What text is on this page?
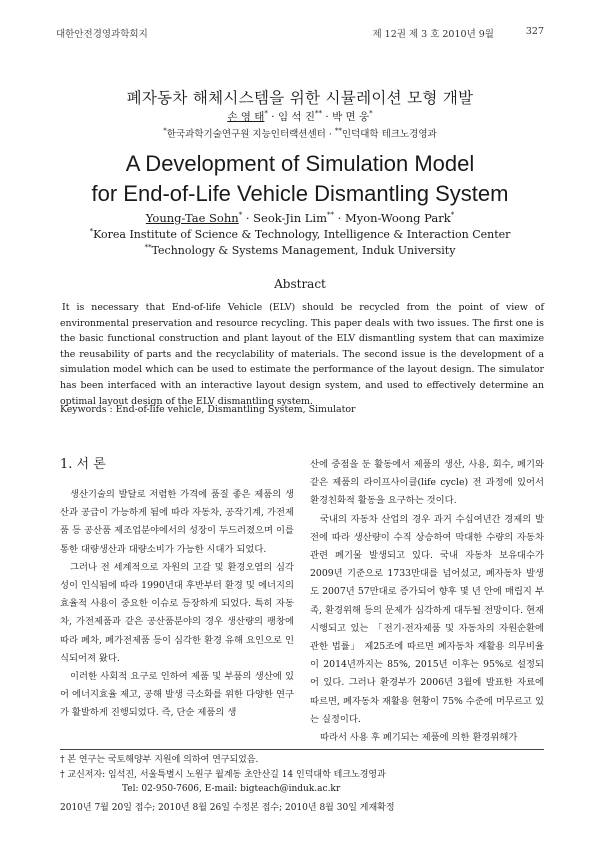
대한안전경영과학회지	제 12권 제 3 호 2010년 9월	327
폐자동차 해체시스템을 위한 시뮬레이션 모형 개발
손 영 태* · 임 석 진** · 박 면 웅*
*한국과학기술연구원 지능인터랙션센터 · **인덕대학 테크노경영과
A Development of Simulation Model
for End-of-Life Vehicle Dismantling System
Young-Tae Sohn* · Seok-Jin Lim** · Myon-Woong Park*
*Korea Institute of Science & Technology, Intelligence & Interaction Center
**Technology & Systems Management, Induk University
Abstract
It is necessary that End-of-life Vehicle (ELV) should be recycled from the point of view of environmental preservation and resource recycling. This paper deals with two issues. The first one is the basic functional construction and plant layout of the ELV dismantling system that can maximize the reusability of parts and the recyclability of materials. The second issue is the development of a simulation model which can be used to estimate the performance of the layout design. The simulator has been interfaced with an interactive layout design system, and used to effectively determine an optimal layout design of the ELV dismantling system.
Keywords : End-of-life vehicle, Dismantling System, Simulator
1. 서 론

생산기술의 발달로 저렴한 가격에 품질 좋은 제품의 생산과 공급이 가능하게 됨에 따라 자동차, 공작기계, 가전제품 등 공산품 제조업분야에서의 성장이 두드러졌으며 이를 통한 대량생산과 대량소비가 가능한 시대가 되었다.

그러나 전 세계적으로 자원의 고갈 및 환경오염의 심각성이 인식됨에 따라 1990년대 후반부터 환경 및 에너지의 효율적 사용이 중요한 이슈로 등장하게 되었다. 특히 자동차, 가전제품과 같은 공산품분야의 경우 생산량의 팽창에 따라 폐차, 폐가전제품 등이 심각한 환경 유해 요인으로 인식되어져 왔다.

이러한 사회적 요구로 인하여 제품 및 부품의 생산에 있어 에너지효율 제고, 공해 발생 극소화를 위한 다양한 연구가 활발하게 진행되었다. 즉, 단순 제품의 생

산에 중점을 둔 활동에서 제품의 생산, 사용, 회수, 폐기와 같은 제품의 라이프사이클(life cycle) 전 과정에 있어서 환경친화적 활동을 요구하는 것이다.

국내의 자동차 산업의 경우 과거 수십여년간 경제의 발전에 따라 생산량이 수직 상승하여 막대한 수량의 자동차관련 폐기물 발생되고 있다. 국내 자동차 보유대수가 2009년 기준으로 1733만대를 넘어섰고, 폐자동차 발생도 2007년 57만대로 증가되어 향후 몇 년 안에 매립지 부족, 환경위해 등의 문제가 심각하게 대두될 전망이다. 현재 시행되고 있는 「전기·전자제품 및 자동차의 자원순환에 관한 법률」 제25조에 따르면 폐자동차 재활용 의무비율이 2014년까지는 85%, 2015년 이후는 95%로 설정되어 있다. 그러나 환경부가 2006년 3월에 발표한 자료에 따르면, 폐자동차 재활용 현황이 75% 수준에 머무르고 있는 실정이다.

따라서 사용 후 폐기되는 제품에 의한 환경위해가

† 본 연구는 국토해양부 지원에 의하여 연구되었음.

† 교신저자: 임석진, 서울특별시 노원구 월계동 초안산길 14 인덕대학 테크노경영과

Tel: 02-950-7606, E-mail: bigteach@induk.ac.kr

2010년 7월 20일 접수; 2010년 8월 26일 수정본 접수; 2010년 8월 30일 게재확정
